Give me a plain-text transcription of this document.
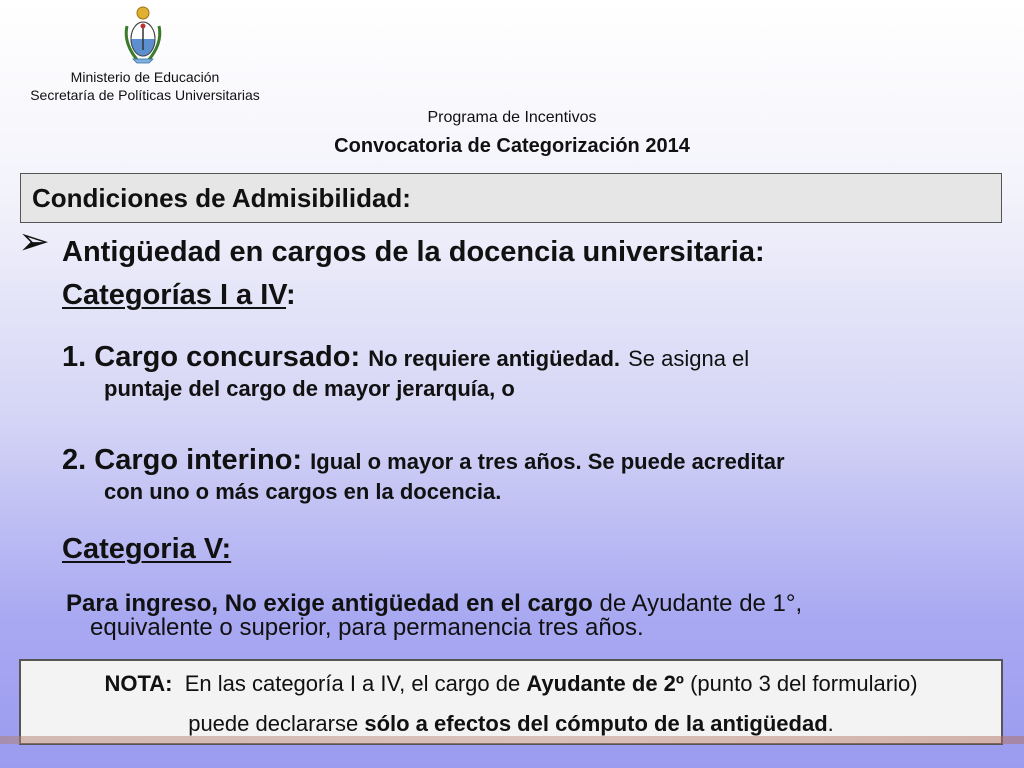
Ministerio de Educación
Secretaría de Políticas Universitarias
Programa de Incentivos
Convocatoria de Categorización 2014
Condiciones de Admisibilidad:
➢ Antigüedad en cargos de la docencia universitaria:
Categorías I a IV:
1. Cargo concursado: No requiere antigüedad. Se asigna el
puntaje del cargo de mayor jerarquía, o
2. Cargo interino: Igual o mayor a tres años. Se puede acreditar
con uno o más cargos en la docencia.
Categoria V:
Para ingreso, No exige antigüedad en el cargo de Ayudante de 1°,
equivalente o superior, para permanencia tres años.
NOTA: En las categoría I a IV, el cargo de Ayudante de 2º (punto 3 del formulario)
puede declararse sólo a efectos del cómputo de la antigüedad.
